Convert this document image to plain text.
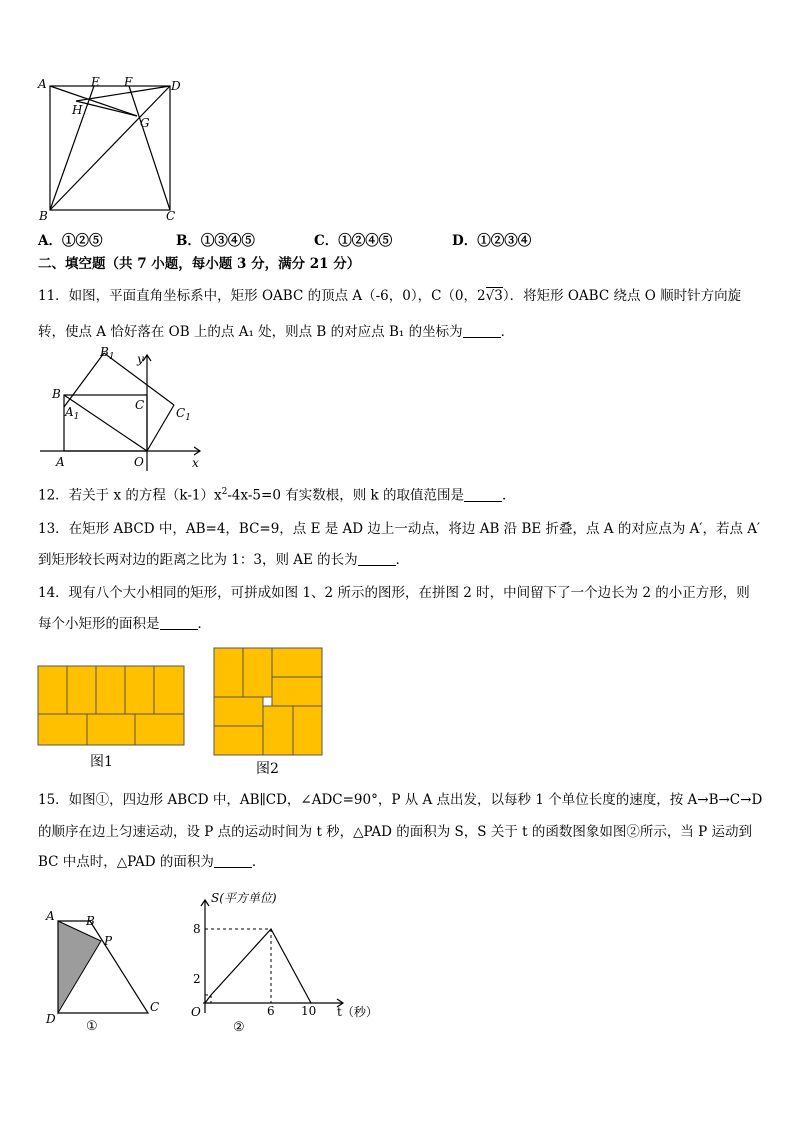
A	E F	D
H
G
B	C
A．①②⑤	B．①③④⑤	C．①②④⑤	D．①②③④
二、填空题（共 7 小题，每小题 3 分，满分 21 分）
11．如图，平面直角坐标系中，矩形 OABC 的顶点 A（-6，0），C（0，2√3）．将矩形 OABC 绕点 O 顺时针方向旋
转，使点 A 恰好落在 OB 上的点 A₁ 处，则点 B 的对应点 B₁ 的坐标为	．
$B_1$ y
B
C
$A_1$	$C_1$
A	O	x
12．若关于 x 的方程$(k-1)x^2-4x-5=0$ 有实数根，则 k 的取值范围是	．
13．在矩形 ABCD 中，AB=4，BC=9，点 E 是 AD 边上一动点，将边 AB 沿 BE 折叠，点 A 的对应点为 A′，若点 A′
到矩形较长两对边的距离之比为 1：3，则 AE 的长为	．
14．现有八个大小相同的矩形，可拼成如图 1、2 所示的图形，在拼图 2 时，中间留下了一个边长为 2 的小正方形，则
每个小矩形的面积是	．
图1	图2
15．如图①，四边形 ABCD 中，AB∥CD，∠ADC=90°，P 从 A 点出发，以每秒 1 个单位长度的速度，按 A→B→C→D
的顺序在边上匀速运动，设 P 点的运动时间为 t 秒，△PAD 的面积为 S，S 关于 t 的函数图象如图②所示，当 P 运动到
BC 中点时，△PAD 的面积为	．
A	B
P
D
C
①
S(平方单位)
8
2
O	6 10 t（秒）
②
